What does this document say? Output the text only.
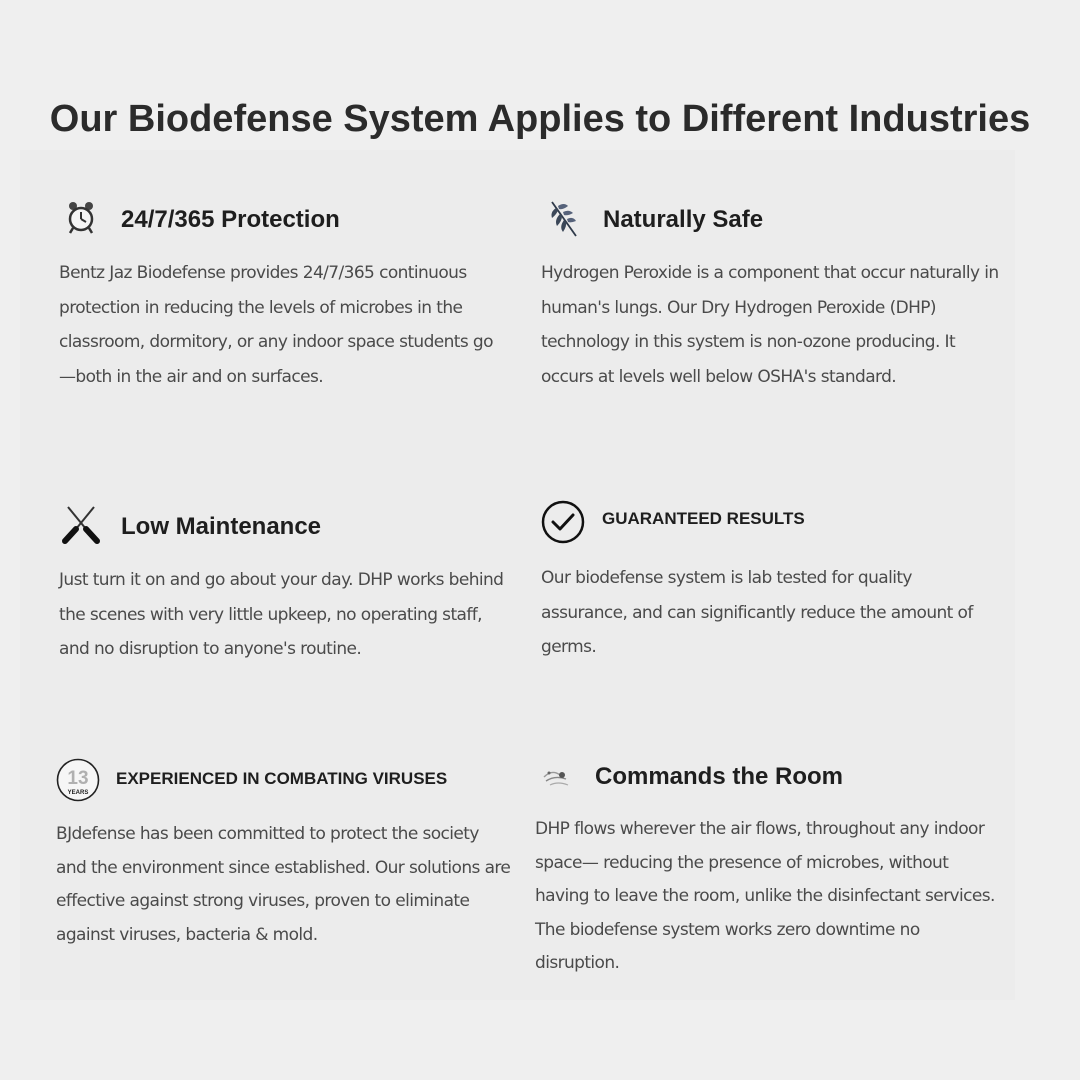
Our Biodefense System Applies to Different Industries
24/7/365 Protection

Bentz Jaz Biodefense provides 24/7/365 continuous protection in reducing the levels of microbes in the classroom, dormitory, or any indoor space students go—both in the air and on surfaces.

Naturally Safe

Hydrogen Peroxide is a component that occur naturally in human's lungs. Our Dry Hydrogen Peroxide (DHP) technology in this system is non-ozone producing. It occurs at levels well below OSHA's standard.

Low Maintenance

Just turn it on and go about your day. DHP works behind the scenes with very little upkeep, no operating staff, and no disruption to anyone's routine.

GUARANTEED RESULTS

Our biodefense system is lab tested for quality assurance, and can significantly reduce the amount of germs.

13
YEARS
EXPERIENCED IN COMBATING VIRUSES

BJdefense has been committed to protect the society and the environment since established. Our solutions are effective against strong viruses, proven to eliminate against viruses, bacteria & mold.

Commands the Room

DHP flows wherever the air flows, throughout any indoor space— reducing the presence of microbes, without having to leave the room, unlike the disinfectant services. The biodefense system works zero downtime no disruption.
